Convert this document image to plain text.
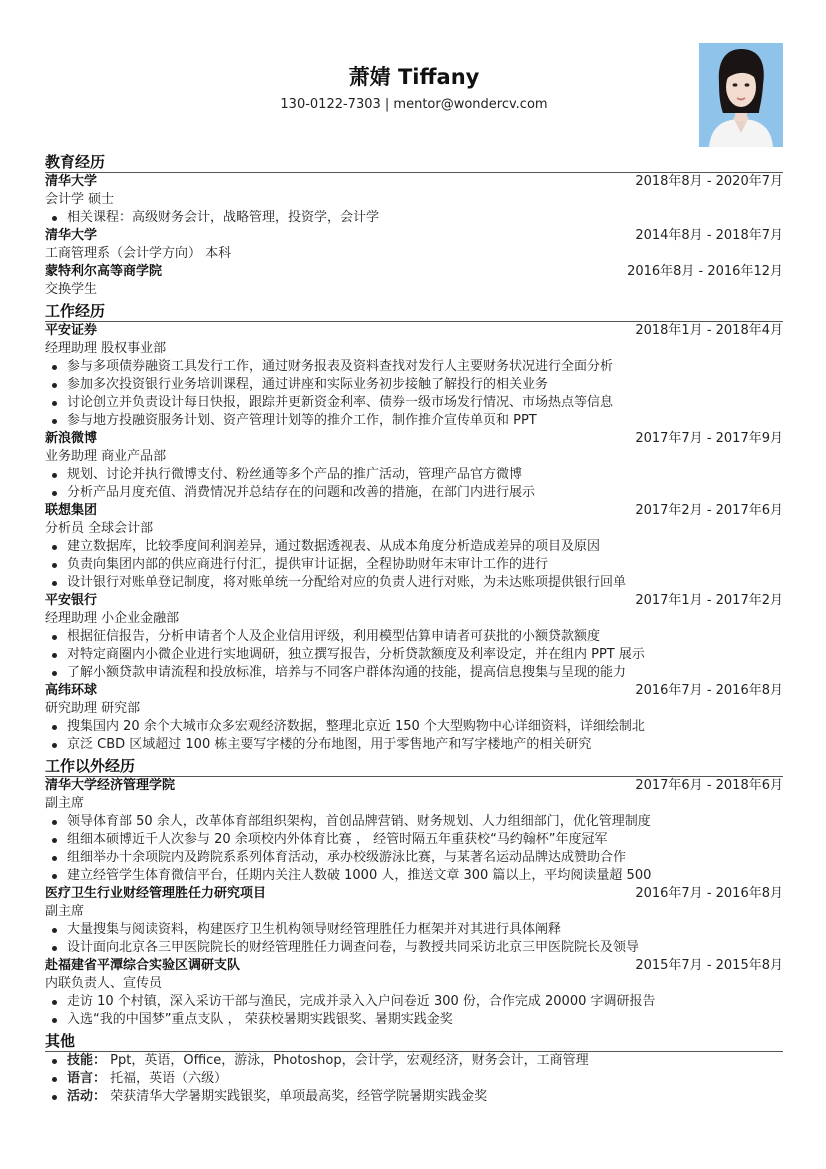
萧婧 Tiffany
130-0122-7303 | mentor@wondercv.com
教育经历
清华大学	2018年8月 - 2020年7月
会计学 硕士
相关课程：高级财务会计，战略管理，投资学，会计学
清华大学	2014年8月 - 2018年7月
工商管理系（会计学方向） 本科
蒙特利尔高等商学院	2016年8月 - 2016年12月
交换学生
工作经历
平安证券	2018年1月 - 2018年4月
经理助理 股权事业部
参与多项债券融资工具发行工作，通过财务报表及资料查找对发行人主要财务状况进行全面分析
参加多次投资银行业务培训课程，通过讲座和实际业务初步接触了解投行的相关业务
讨论创立并负责设计每日快报，跟踪并更新资金利率、债券一级市场发行情况、市场热点等信息
参与地方投融资服务计划、资产管理计划等的推介工作，制作推介宣传单页和 PPT
新浪微博	2017年7月 - 2017年9月
业务助理 商业产品部
规划、讨论并执行微博支付、粉丝通等多个产品的推广活动，管理产品官方微博
分析产品月度充值、消费情况并总结存在的问题和改善的措施，在部门内进行展示
联想集团	2017年2月 - 2017年6月
分析员 全球会计部
建立数据库，比较季度间利润差异，通过数据透视表、从成本角度分析造成差异的项目及原因
负责向集团内部的供应商进行付汇，提供审计证据，全程协助财年末审计工作的进行
设计银行对账单登记制度，将对账单统一分配给对应的负责人进行对账，为未达账项提供银行回单
平安银行	2017年1月 - 2017年2月
经理助理 小企业金融部
根据征信报告，分析申请者个人及企业信用评级，利用模型估算申请者可获批的小额贷款额度
对特定商圈内小微企业进行实地调研，独立撰写报告，分析贷款额度及利率设定，并在组内 PPT 展示
了解小额贷款申请流程和投放标准，培养与不同客户群体沟通的技能，提高信息搜集与呈现的能力
高纬环球	2016年7月 - 2016年8月
研究助理 研究部
搜集国内 20 余个大城市众多宏观经济数据，整理北京近 150 个大型购物中心详细资料，详细绘制北
京泛 CBD 区域超过 100 栋主要写字楼的分布地图，用于零售地产和写字楼地产的相关研究
工作以外经历
清华大学经济管理学院	2017年6月 - 2018年6月
副主席
领导体育部 50 余人，改革体育部组织架构，首创品牌营销、财务规划、人力组细部门，优化管理制度
组细本硕博近千人次参与 20 余项校内外体育比赛 ， 经管时隔五年重获校“马约翰杯”年度冠军
组细举办十余项院内及跨院系系列体育活动，承办校级游泳比赛，与某著名运动品牌达成赞助合作
建立经管学生体育微信平台，任期内关注人数破 1000 人，推送文章 300 篇以上，平均阅读量超 500
医疗卫生行业财经管理胜任力研究项目	2016年7月 - 2016年8月
副主席
大量搜集与阅读资料，构建医疗卫生机构领导财经管理胜任力框架并对其进行具体阐释
设计面向北京各三甲医院院长的财经管理胜任力调查问卷，与教授共同采访北京三甲医院院长及领导
赴福建省平潭综合实验区调研支队	2015年7月 - 2015年8月
内联负责人、宣传员
走访 10 个村镇，深入采访干部与渔民，完成并录入入户问卷近 300 份，合作完成 20000 字调研报告
入选“我的中国梦”重点支队 ， 荣获校暑期实践银奖、暑期实践金奖
其他
技能： Ppt，英语，Office，游泳，Photoshop，会计学，宏观经济，财务会计，工商管理
语言： 托福，英语（六级）
活动： 荣获清华大学暑期实践银奖，单项最高奖，经管学院暑期实践金奖
